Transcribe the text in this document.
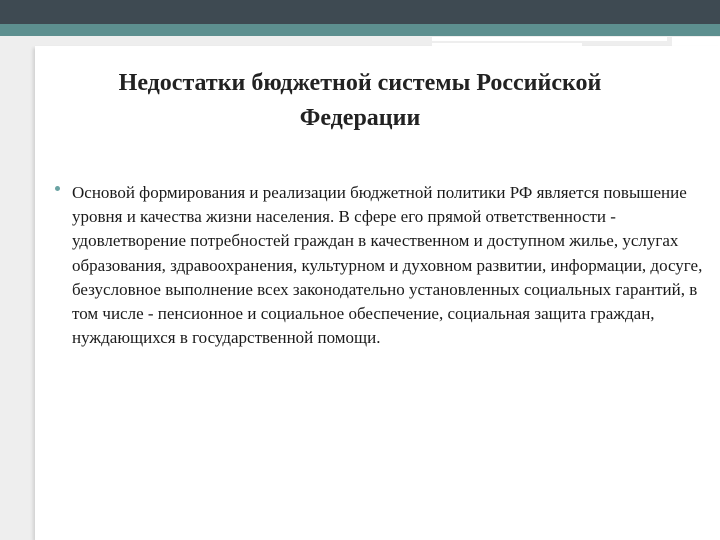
Недостатки бюджетной системы Российской Федерации

Основой формирования и реализации бюджетной политики РФ является повышение уровня и качества жизни населения. В сфере его прямой ответственности - удовлетворение потребностей граждан в качественном и доступном жилье, услугах образования, здравоохранения, культурном и духовном развитии, информации, досуге, безусловное выполнение всех законодательно установленных социальных гарантий, в том числе - пенсионное и социальное обеспечение, социальная защита граждан, нуждающихся в государственной помощи.
